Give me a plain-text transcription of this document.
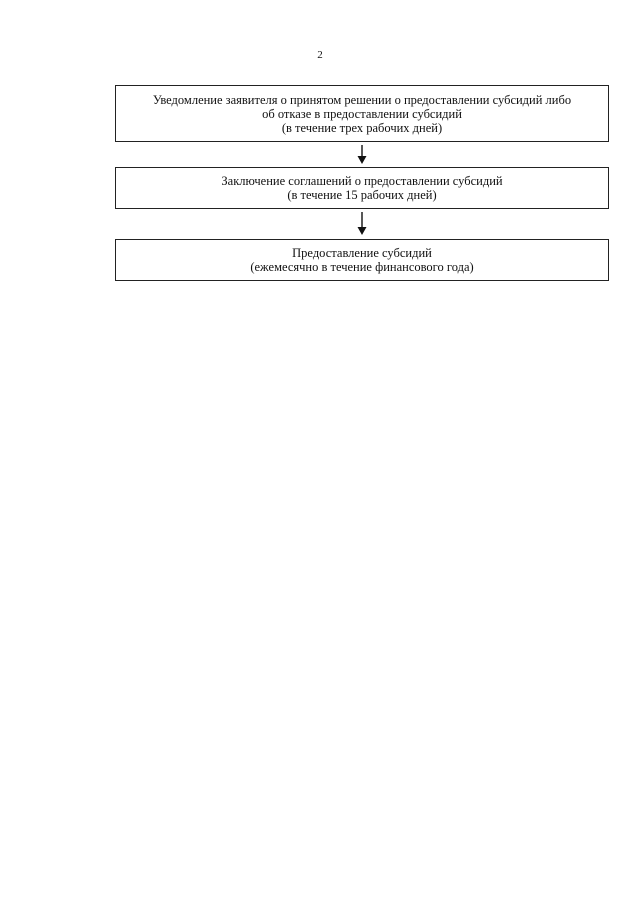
2
Уведомление заявителя о принятом решении о предоставлении субсидий либо
об отказе в предоставлении субсидий
(в течение трех рабочих дней)
Заключение соглашений о предоставлении субсидий
(в течение 15 рабочих дней)
Предоставление субсидий
(ежемесячно в течение финансового года)
